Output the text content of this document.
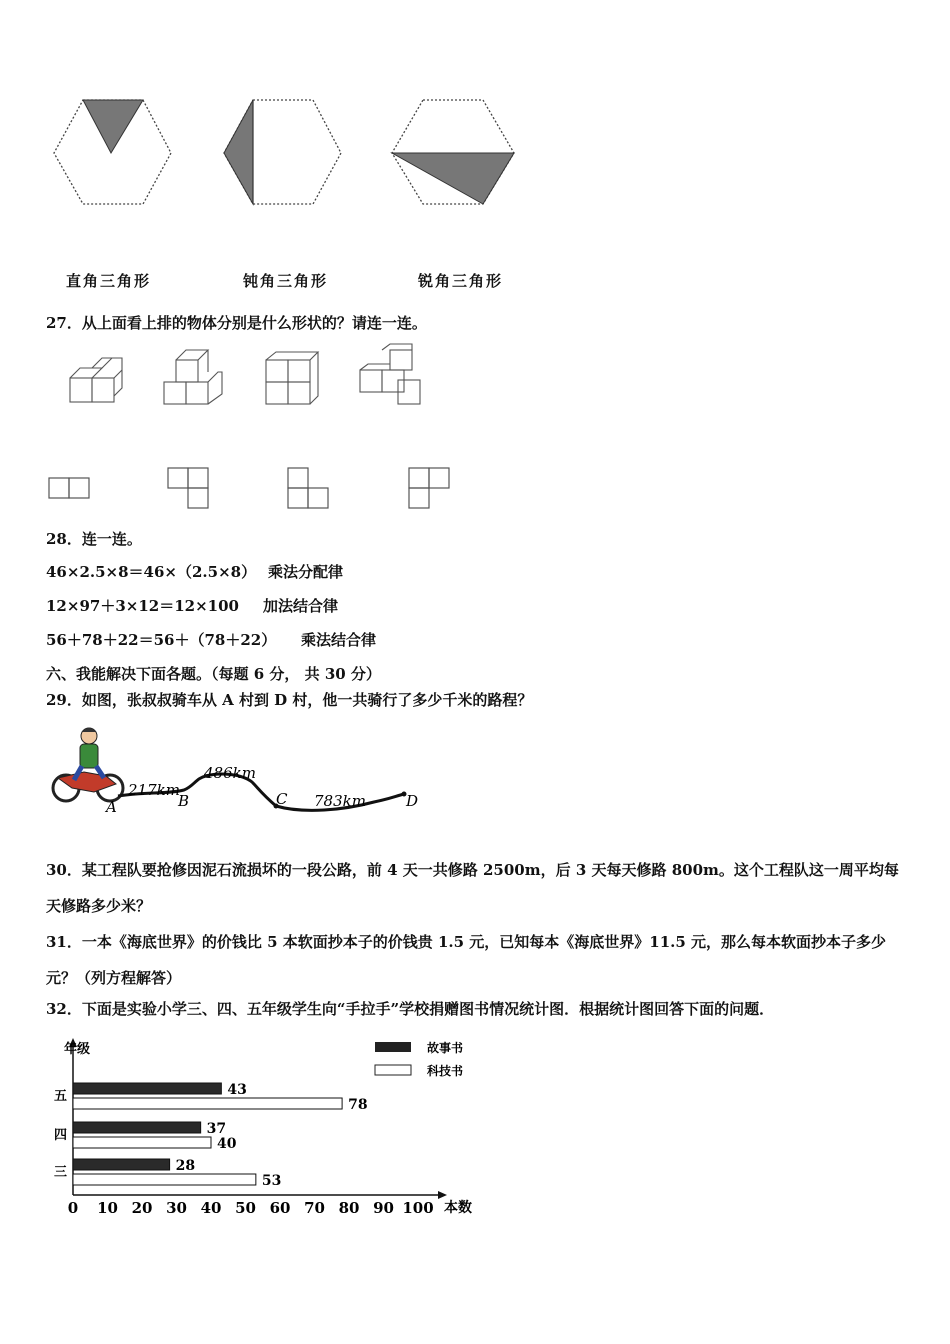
直角三角形	钝角三角形	锐角三角形
27．从上面看上排的物体分别是什么形状的？请连一连。
28．连一连。
46×2.5×8＝46×（2.5×8） 乘法分配律
12×97＋3×12＝12×100 加法结合律
56＋78＋22＝56＋（78＋22） 乘法结合律
六、我能解决下面各题。（每题 6 分， 共 30 分）
29．如图，张叔叔骑车从 A 村到 D 村，他一共骑行了多少千米的路程？
A	B	C	D
217km
486km
783km
30．某工程队要抢修因泥石流损坏的一段公路，前 4 天一共修路 2500m，后 3 天每天修路 800m。这个工程队这一周平均每天修路多少米？
31．一本《海底世界》的价钱比 5 本软面抄本子的价钱贵 1.5 元，已知每本《海底世界》11.5 元，那么每本软面抄本子多少元？（列方程解答）
32．下面是实验小学三、四、五年级学生向“手拉手”学校捐赠图书情况统计图．根据统计图回答下面的问题．
年级
本数
故事书
科技书
五	43
78
四	37
40
三	28
53
0 10 20 30 40 50 60 70 80 90 100
